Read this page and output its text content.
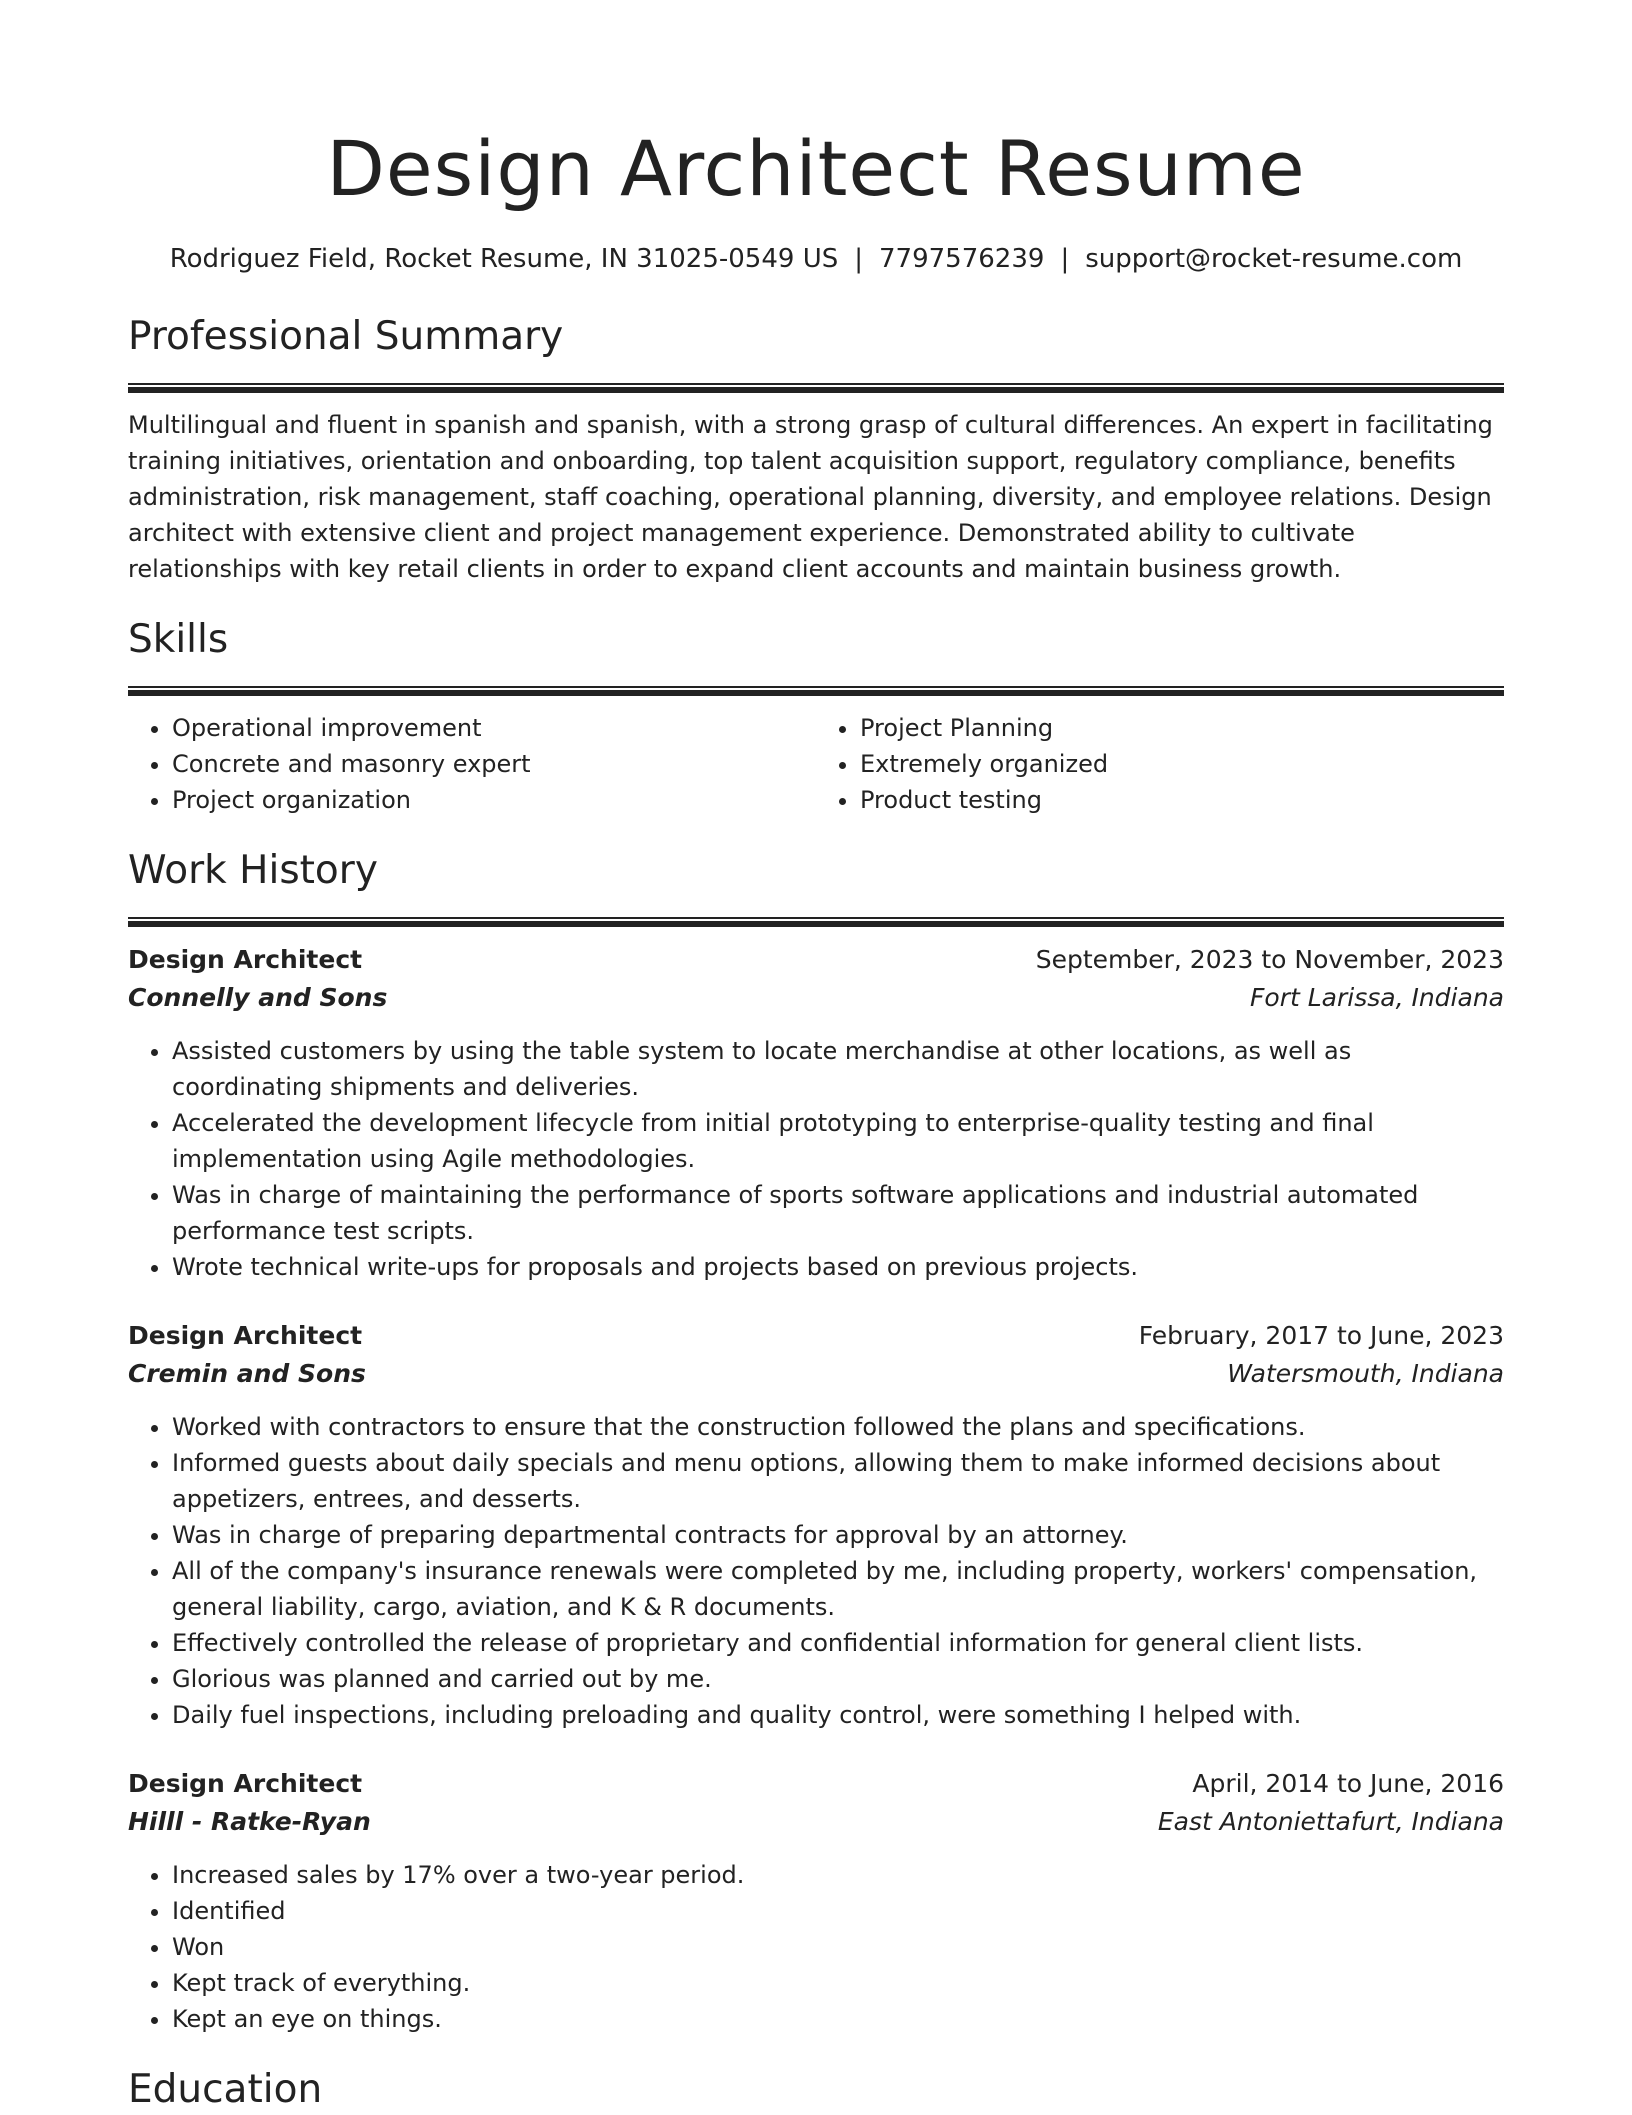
Design Architect Resume
Rodriguez Field, Rocket Resume, IN 31025-0549 US | 7797576239 | support@rocket-resume.com
Professional Summary

Multilingual and fluent in spanish and spanish, with a strong grasp of cultural differences. An expert in facilitating training initiatives, orientation and onboarding, top talent acquisition support, regulatory compliance, benefits administration, risk management, staff coaching, operational planning, diversity, and employee relations. Design architect with extensive client and project management experience. Demonstrated ability to cultivate relationships with key retail clients in order to expand client accounts and maintain business growth.

Skills
• Operational improvement
• Concrete and masonry expert
• Project organization
• Project Planning
• Extremely organized
• Product testing
Work History
Design Architect	September, 2023 to November, 2023
Connelly and Sons	Fort Larissa, Indiana
• Assisted customers by using the table system to locate merchandise at other locations, as well as coordinating shipments and deliveries.
• Accelerated the development lifecycle from initial prototyping to enterprise-quality testing and final implementation using Agile methodologies.
• Was in charge of maintaining the performance of sports software applications and industrial automated performance test scripts.
• Wrote technical write-ups for proposals and projects based on previous projects.
Design Architect	February, 2017 to June, 2023
Cremin and Sons	Watersmouth, Indiana
• Worked with contractors to ensure that the construction followed the plans and specifications.
• Informed guests about daily specials and menu options, allowing them to make informed decisions about appetizers, entrees, and desserts.
• Was in charge of preparing departmental contracts for approval by an attorney.
• All of the company's insurance renewals were completed by me, including property, workers' compensation, general liability, cargo, aviation, and K & R documents.
• Effectively controlled the release of proprietary and confidential information for general client lists.
• Glorious was planned and carried out by me.
• Daily fuel inspections, including preloading and quality control, were something I helped with.
Design Architect	April, 2014 to June, 2016
Hilll - Ratke-Ryan	East Antoniettafurt, Indiana
• Increased sales by 17% over a two-year period.
• Identified
• Won
• Kept track of everything.
• Kept an eye on things.
Education
